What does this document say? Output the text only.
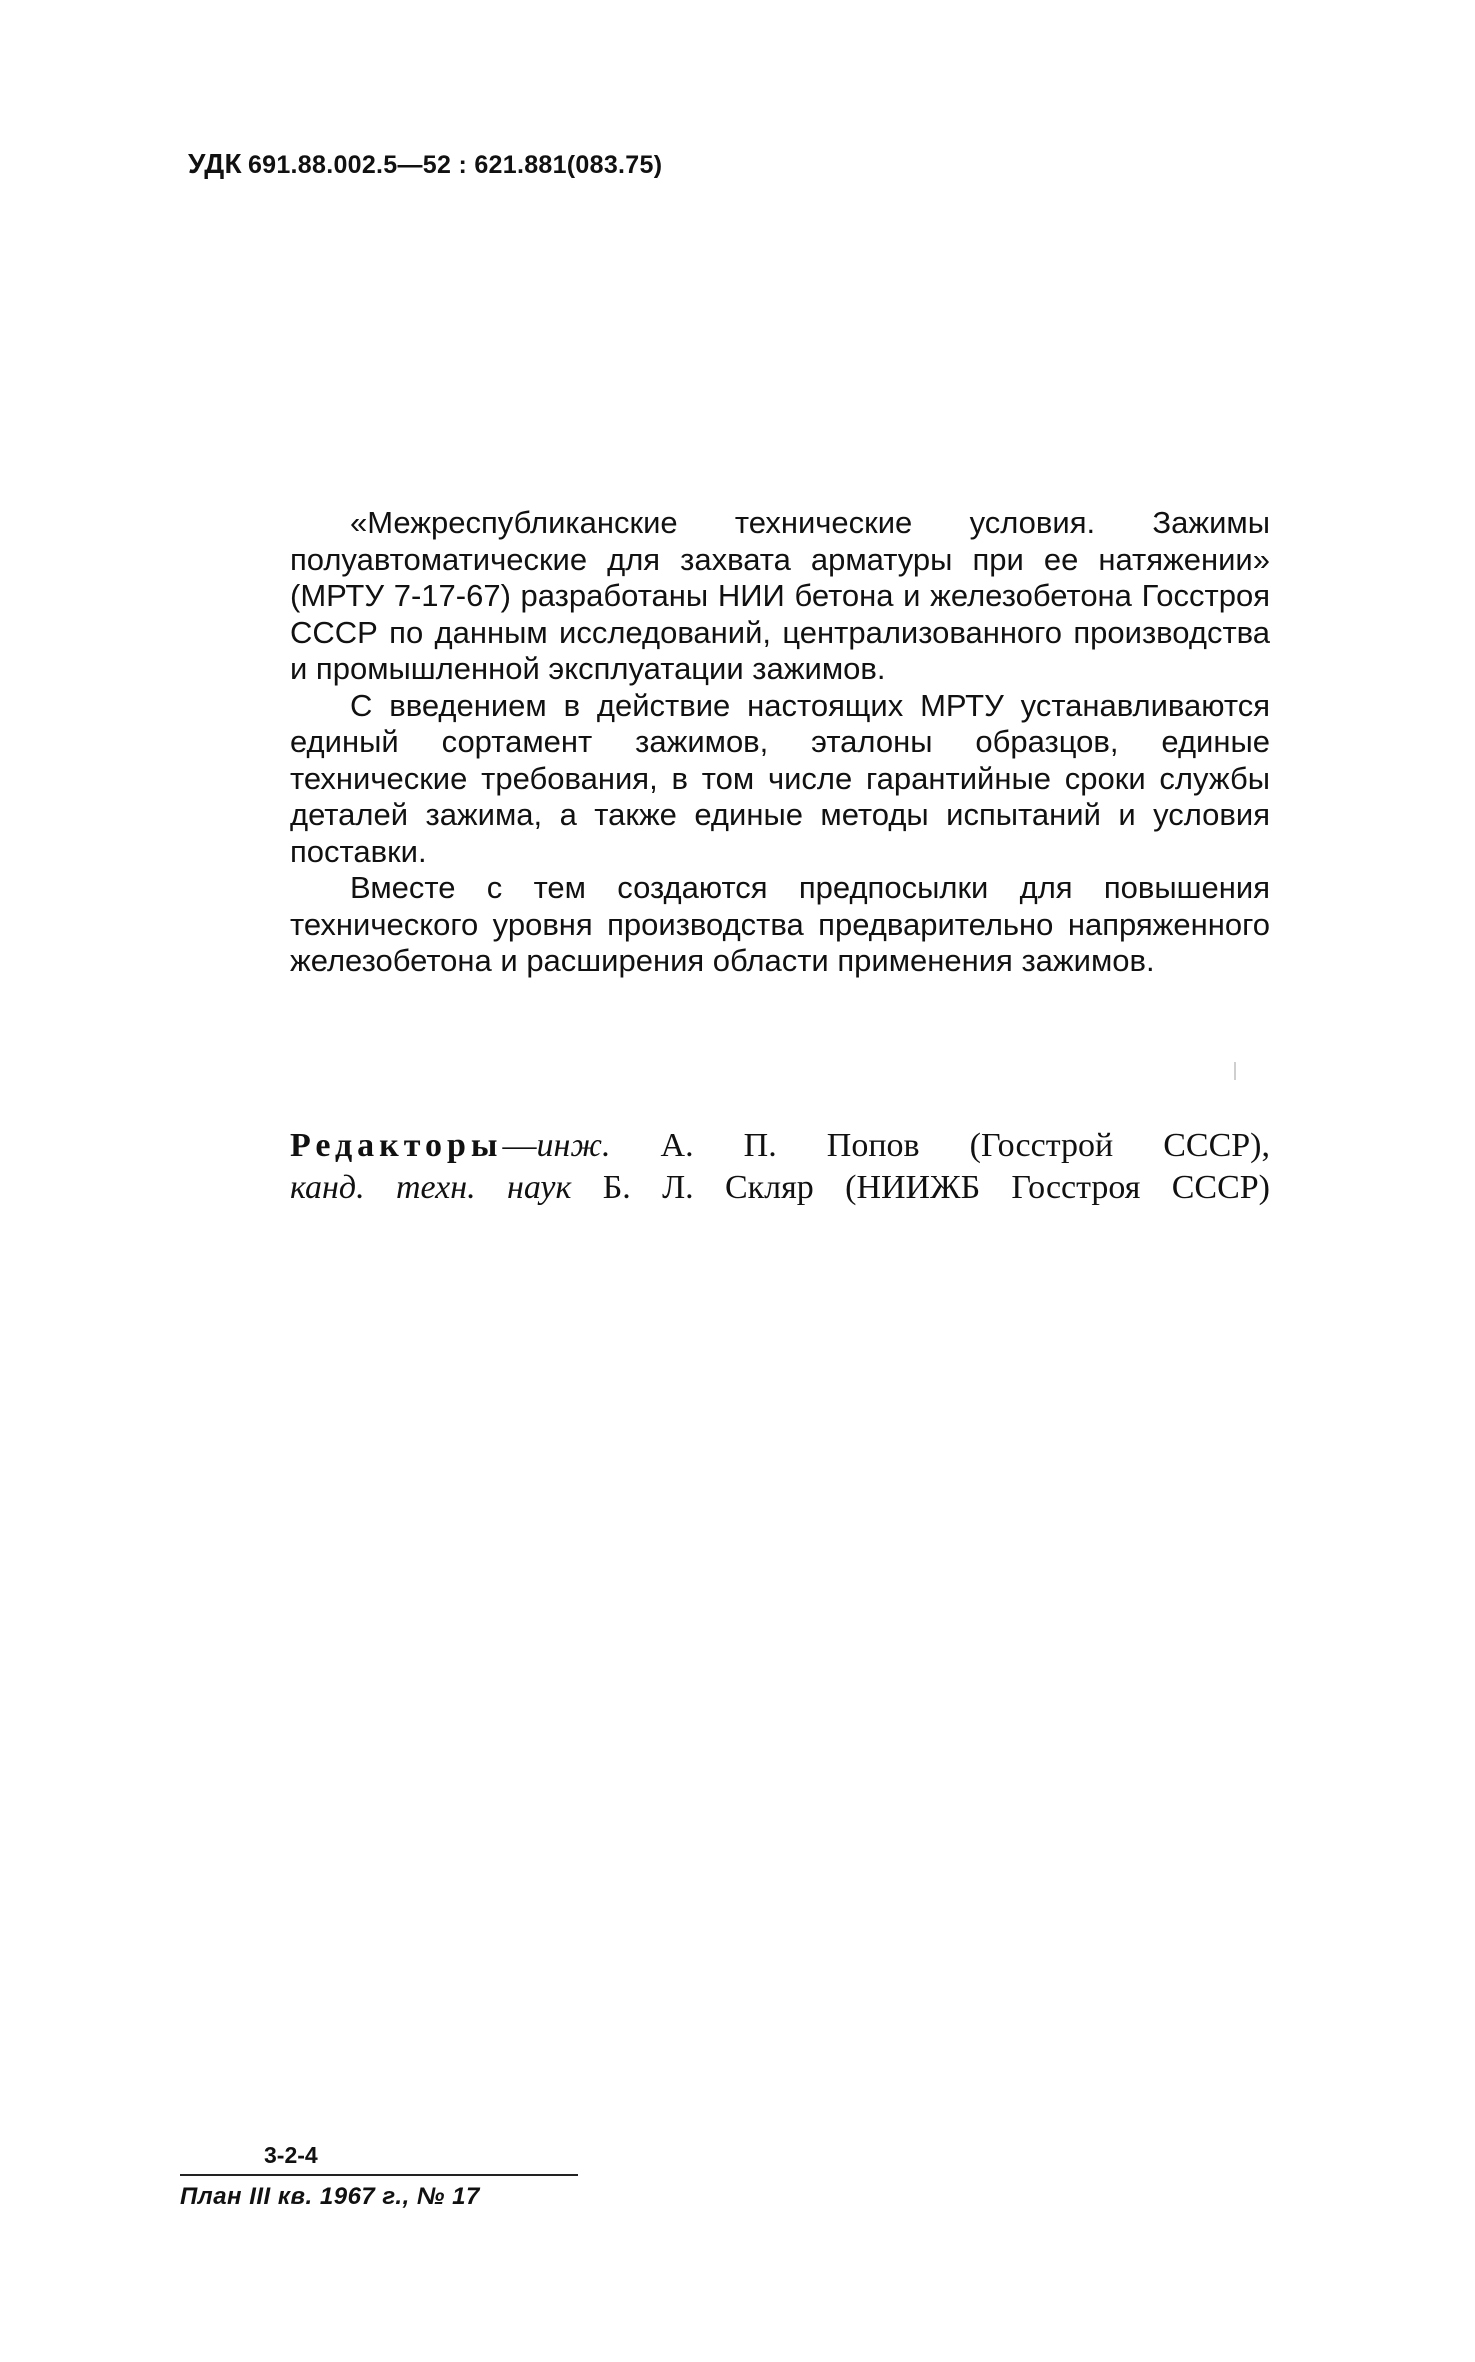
УДК 691.88.002.5—52 : 621.881(083.75)

«Межреспубликанские технические условия. Зажимы полуавтоматические для захвата арматуры при ее натяжении» (МРТУ 7-17-67) разработаны НИИ бетона и железобетона Госстроя СССР по данным исследований, централизованного производства и промышленной эксплуатации зажимов.

С введением в действие настоящих МРТУ устанавливаются единый сортамент зажимов, эталоны образцов, единые технические требования, в том числе гарантийные сроки службы деталей зажима, а также единые методы испытаний и условия поставки.

Вместе с тем создаются предпосылки для повышения технического уровня производства предварительно напряженного железобетона и расширения области применения зажимов.

Редакторы—инж. А. П. Попов (Госстрой СССР),
канд. техн. наук Б. Л. Скляр (НИИЖБ Госстроя СССР)
3-2-4
План III кв. 1967 г., № 17
